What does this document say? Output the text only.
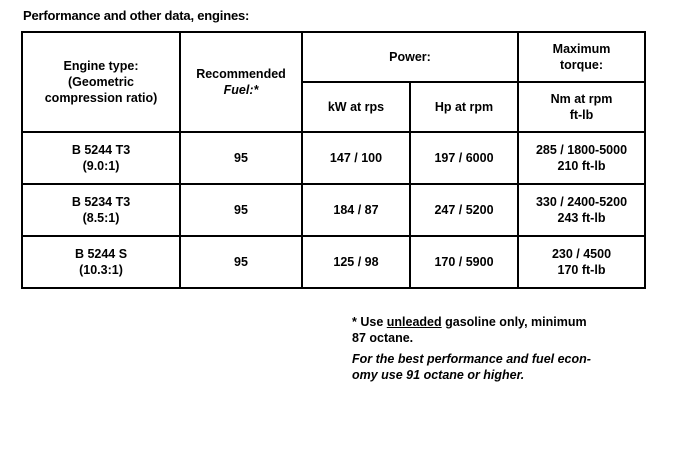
Performance and other data, engines:
Engine type:
(Geometric
compression ratio)	Recommended
Fuel:*	Power:		Maximum
torque:

		kW at rps	Hp at rpm	Nm at rpm
ft-lb

B 5244 T3
(9.0:1)	95	147 / 100	197 / 6000	285 / 1800-5000
210 ft-lb

B 5234 T3
(8.5:1)	95	184 / 87	247 / 5200	330 / 2400-5200
243 ft-lb

B 5244 S
(10.3:1)	95	125 / 98	170 / 5900	230 / 4500
170 ft-lb
* Use unleaded gasoline only, minimum
87 octane.
For the best performance and fuel econ-
omy use 91 octane or higher.
